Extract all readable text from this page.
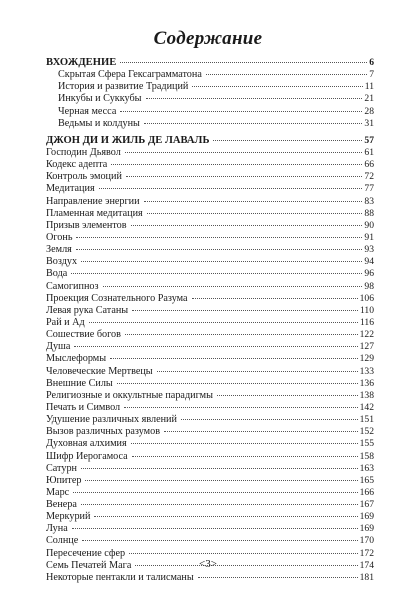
Содержание
ВХОЖДЕНИЕ	6
Скрытая Сфера Гексаграмматона	7
История и развитие Традиций	11
Инкубы и Суккубы	21
Черная месса	28
Ведьмы и колдуны	31
ДЖОН ДИ И ЖИЛЬ ДЕ ЛАВАЛЬ	57
Господин Дьявол	61
Кодекс адепта	66
Контроль эмоций	72
Медитация	77
Направление энергии	83
Пламенная медитация	88
Призыв элементов	90
Огонь	91
Земля	93
Воздух	94
Вода	96
Самогипноз	98
Проекция Сознательного Разума	106
Левая рука Сатаны	110
Рай и Ад	116
Сошествие богов	122
Душа	127
Мыслеформы	129
Человеческие Мертвецы	133
Внешние Силы	136
Религиозные и оккультные парадигмы	138
Печать и Символ	142
Удушение различных явлений	151
Вызов различных разумов	152
Духовная алхимия	155
Шифр Иерогамоса	158
Сатурн	163
Юпитер	165
Марс	166
Венера	167
Меркурий	169
Луна	169
Солнце	170
Пересечение сфер	172
Семь Печатей Мага	174
Некоторые пентакли и талисманы	181
<3>
